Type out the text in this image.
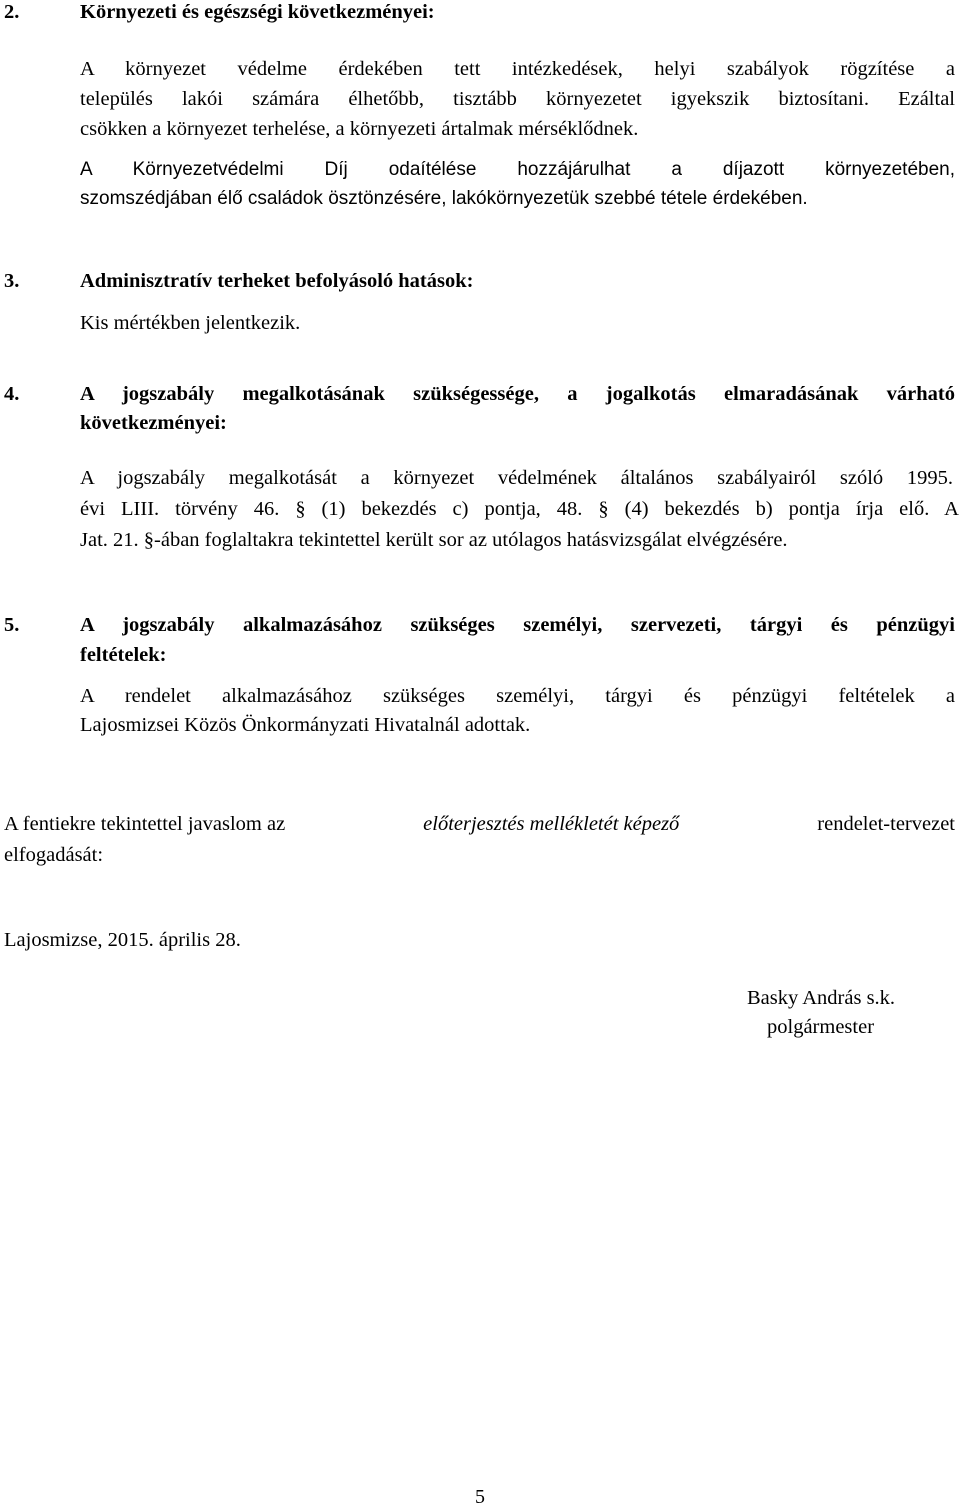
2.	Környezeti és egészségi következményei:
A környezet védelme érdekében tett intézkedések, helyi szabályok rögzítése a
település lakói számára élhetőbb, tisztább környezetet igyekszik biztosítani. Ezáltal
csökken a környezet terhelése, a környezeti ártalmak mérséklődnek.
A Környezetvédelmi Díj odaítélése hozzájárulhat a díjazott környezetében,
szomszédjában élő családok ösztönzésére, lakókörnyezetük szebbé tétele érdekében.
3.	Adminisztratív terheket befolyásoló hatások:
Kis mértékben jelentkezik.
4.	A jogszabály megalkotásának szükségessége, a jogalkotás elmaradásának várható
következményei:
A jogszabály megalkotását a környezet védelmének általános szabályairól szóló 1995.
évi LIII. törvény 46. § (1) bekezdés c) pontja, 48. § (4) bekezdés b) pontja írja elő. A
Jat. 21. §-ában foglaltakra tekintettel került sor az utólagos hatásvizsgálat elvégzésére.
5.	A jogszabály alkalmazásához szükséges személyi, szervezeti, tárgyi és pénzügyi
feltételek:
A rendelet alkalmazásához szükséges személyi, tárgyi és pénzügyi feltételek a
Lajosmizsei Közös Önkormányzati Hivatalnál adottak.
A fentiekre tekintettel javaslom az	előterjesztés mellékletét képező	rendelet-tervezet
elfogadását:
Lajosmizse, 2015. április 28.
Basky András s.k.
polgármester
5
